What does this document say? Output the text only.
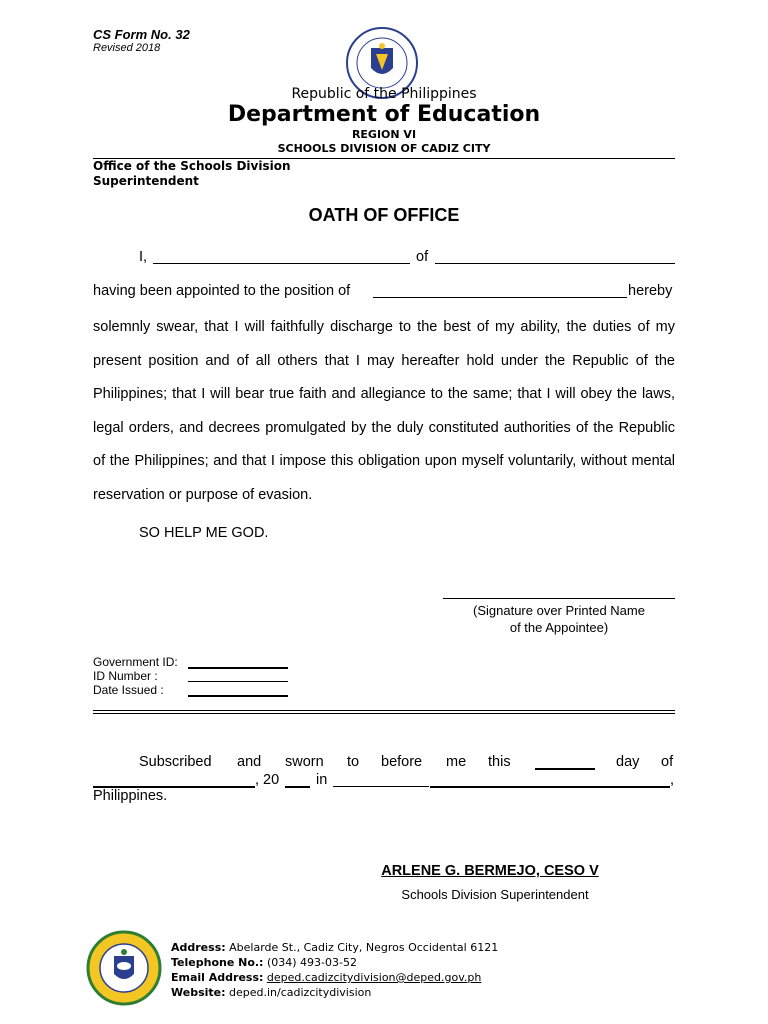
CS Form No. 32
Revised 2018
Republic of the Philippines
Department of Education
REGION VI
SCHOOLS DIVISION OF CADIZ CITY
Office of the Schools Division Superintendent
OATH OF OFFICE
I,	of
having been appointed to the position of	hereby
solemnly swear, that I will faithfully discharge to the best of my ability, the duties of my present position and of all others that I may hereafter hold under the Republic of the Philippines; that I will bear true faith and allegiance to the same; that I will obey the laws, legal orders, and decrees promulgated by the duly constituted authorities of the Republic of the Philippines; and that I impose this obligation upon myself voluntarily, without mental reservation or purpose of evasion.
SO HELP ME GOD.
(Signature over Printed Name
of the Appointee)
Government ID:
ID Number :
Date Issued :
Subscribed and sworn to before me this	day of
, 20	in	,
Philippines.
ARLENE G. BERMEJO, CESO V
Schools Division Superintendent
Address: Abelarde St., Cadiz City, Negros Occidental 6121
Telephone No.: (034) 493-03-52
Email Address: deped.cadizcitydivision@deped.gov.ph
Website: deped.in/cadizcitydivision
